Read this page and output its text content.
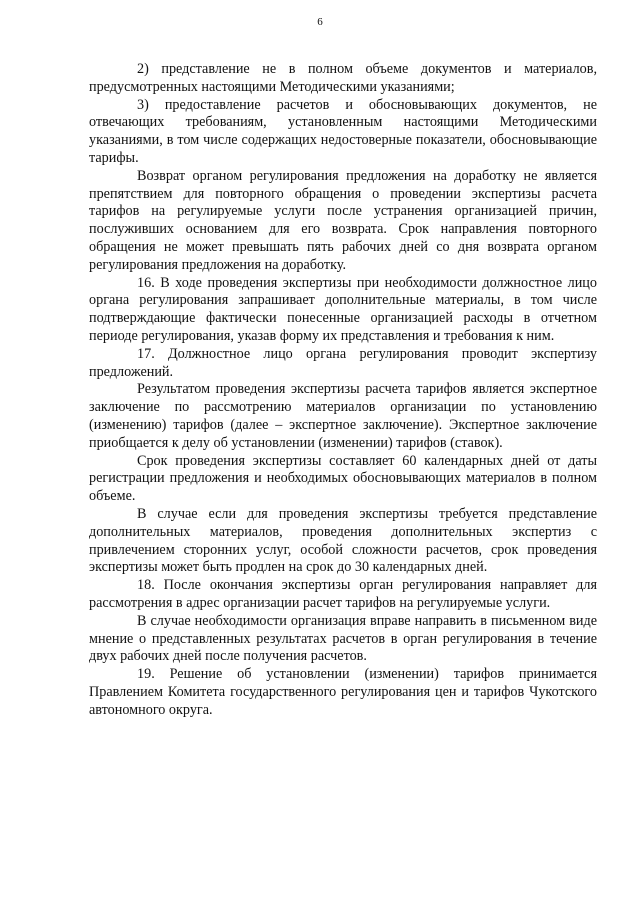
6

2) представление не в полном объеме документов и материалов, предусмотренных настоящими Методическими указаниями;

3) предоставление расчетов и обосновывающих документов, не отвечающих требованиям, установленным настоящими Методическими указаниями, в том числе содержащих недостоверные показатели, обосновывающие тарифы.

Возврат органом регулирования предложения на доработку не является препятствием для повторного обращения о проведении экспертизы расчета тарифов на регулируемые услуги после устранения организацией причин, послуживших основанием для его возврата. Срок направления повторного обращения не может превышать пять рабочих дней со дня возврата органом регулирования предложения на доработку.

16. В ходе проведения экспертизы при необходимости должностное лицо органа регулирования запрашивает дополнительные материалы, в том числе подтверждающие фактически понесенные организацией расходы в отчетном периоде регулирования, указав форму их представления и требования к ним.

17. Должностное лицо органа регулирования проводит экспертизу предложений.

Результатом проведения экспертизы расчета тарифов является экспертное заключение по рассмотрению материалов организации по установлению (изменению) тарифов (далее – экспертное заключение). Экспертное заключение приобщается к делу об установлении (изменении) тарифов (ставок).

Срок проведения экспертизы составляет 60 календарных дней от даты регистрации предложения и необходимых обосновывающих материалов в полном объеме.

В случае если для проведения экспертизы требуется представление дополнительных материалов, проведения дополнительных экспертиз с привлечением сторонних услуг, особой сложности расчетов, срок проведения экспертизы может быть продлен на срок до 30 календарных дней.

18. После окончания экспертизы орган регулирования направляет для рассмотрения в адрес организации расчет тарифов на регулируемые услуги.

В случае необходимости организация вправе направить в письменном виде мнение о представленных результатах расчетов в орган регулирования в течение двух рабочих дней после получения расчетов.

19. Решение об установлении (изменении) тарифов принимается Правлением Комитета государственного регулирования цен и тарифов Чукотского автономного округа.
